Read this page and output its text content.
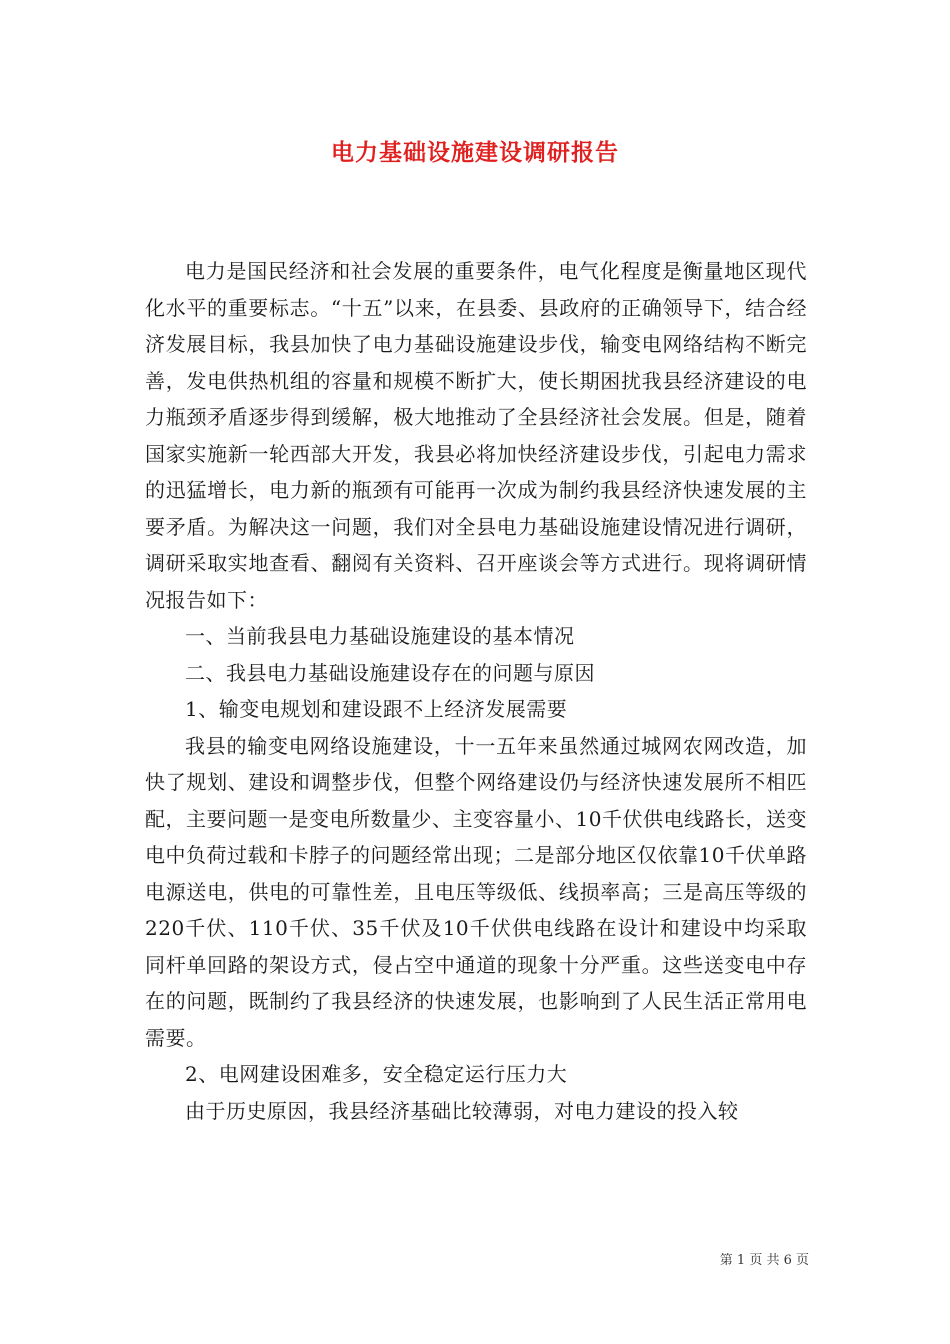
电力基础设施建设调研报告

电力是国民经济和社会发展的重要条件，电气化程度是衡量地区现代化水平的重要标志。“十五”以来，在县委、县政府的正确领导下，结合经济发展目标，我县加快了电力基础设施建设步伐，输变电网络结构不断完善，发电供热机组的容量和规模不断扩大，使长期困扰我县经济建设的电力瓶颈矛盾逐步得到缓解，极大地推动了全县经济社会发展。但是，随着国家实施新一轮西部大开发，我县必将加快经济建设步伐，引起电力需求的迅猛增长，电力新的瓶颈有可能再一次成为制约我县经济快速发展的主要矛盾。为解决这一问题，我们对全县电力基础设施建设情况进行调研，调研采取实地查看、翻阅有关资料、召开座谈会等方式进行。现将调研情况报告如下：

一、当前我县电力基础设施建设的基本情况

二、我县电力基础设施建设存在的问题与原因

1、输变电规划和建设跟不上经济发展需要

我县的输变电网络设施建设，十一五年来虽然通过城网农网改造，加快了规划、建设和调整步伐，但整个网络建设仍与经济快速发展所不相匹配，主要问题一是变电所数量少、主变容量小、10千伏供电线路长，送变电中负荷过载和卡脖子的问题经常出现；二是部分地区仅依靠10千伏单路电源送电，供电的可靠性差，且电压等级低、线损率高；三是高压等级的220千伏、110千伏、35千伏及10千伏供电线路在设计和建设中均采取同杆单回路的架设方式，侵占空中通道的现象十分严重。这些送变电中存在的问题，既制约了我县经济的快速发展，也影响到了人民生活正常用电需要。

2、电网建设困难多，安全稳定运行压力大

由于历史原因，我县经济基础比较薄弱，对电力建设的投入较

第 1 页 共 6 页
